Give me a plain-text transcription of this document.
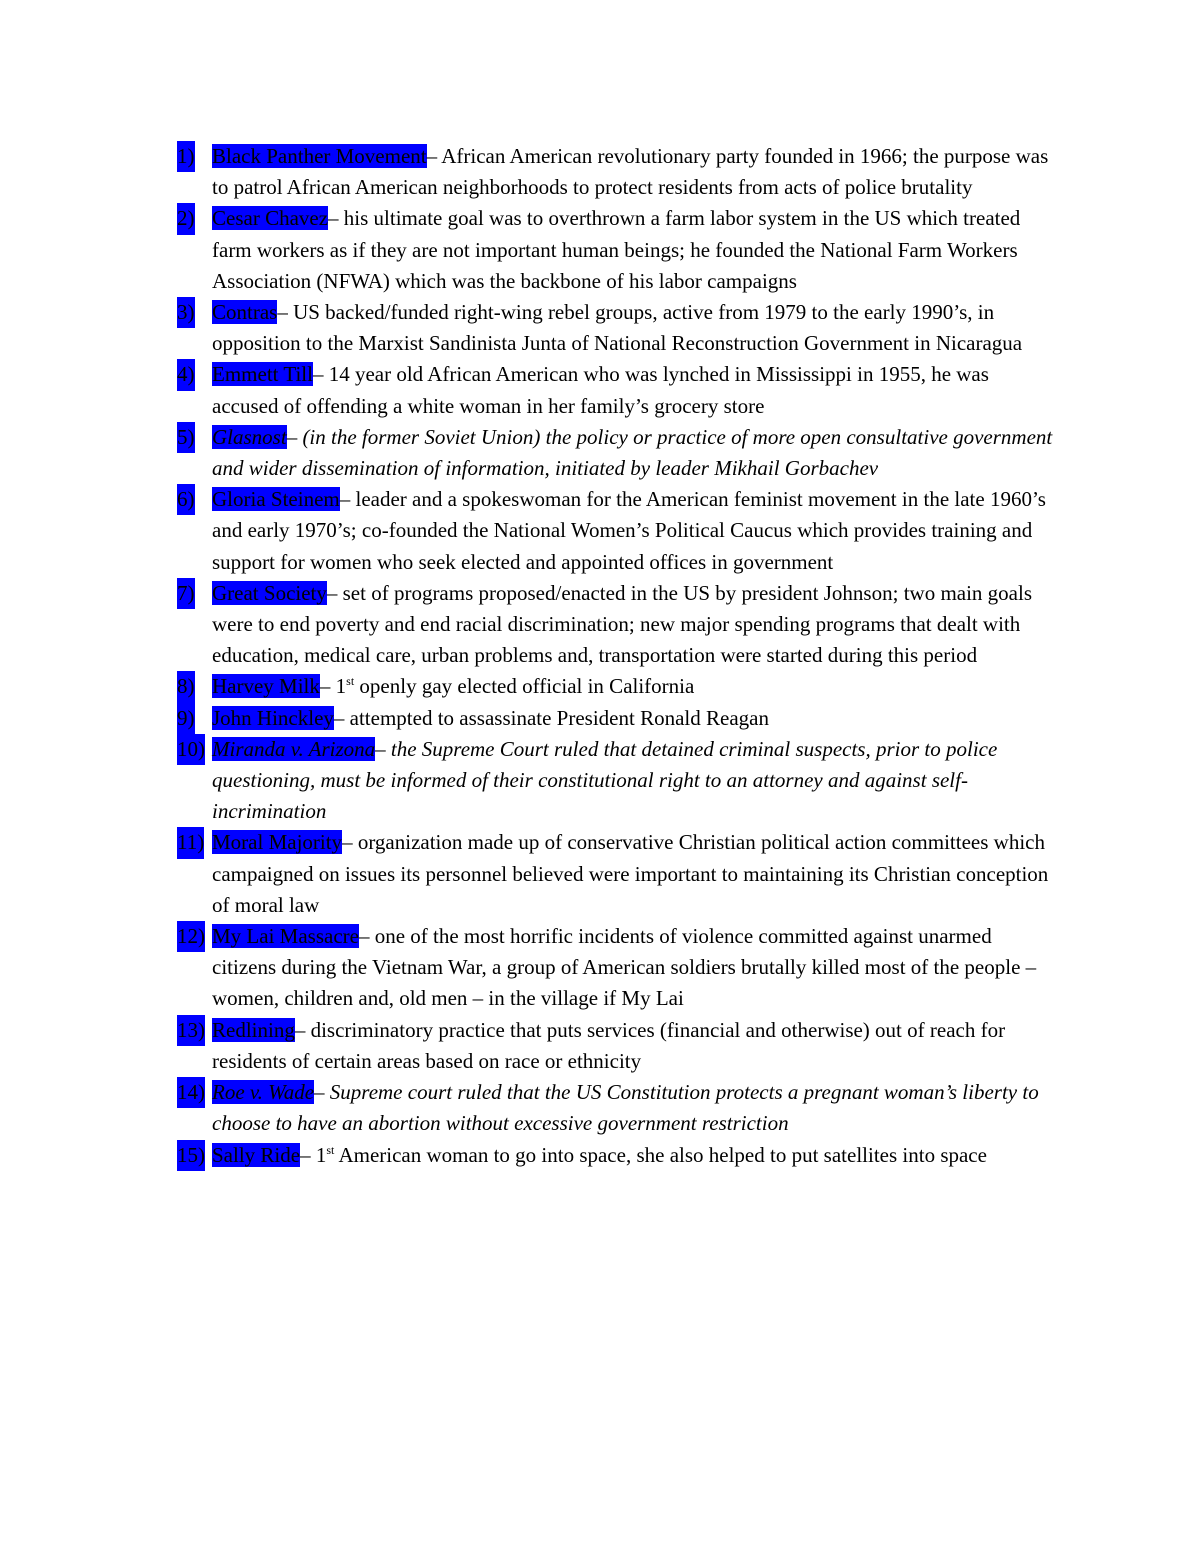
1) Black Panther Movement– African American revolutionary party founded in 1966; the purpose was to patrol African American neighborhoods to protect residents from acts of police brutality
2) Cesar Chavez– his ultimate goal was to overthrown a farm labor system in the US which treated farm workers as if they are not important human beings; he founded the National Farm Workers Association (NFWA) which was the backbone of his labor campaigns
3) Contras– US backed/funded right-wing rebel groups, active from 1979 to the early 1990’s, in opposition to the Marxist Sandinista Junta of National Reconstruction Government in Nicaragua
4) Emmett Till– 14 year old African American who was lynched in Mississippi in 1955, he was accused of offending a white woman in her family’s grocery store
5) Glasnost– (in the former Soviet Union) the policy or practice of more open consultative government and wider dissemination of information, initiated by leader Mikhail Gorbachev
6) Gloria Steinem– leader and a spokeswoman for the American feminist movement in the late 1960’s and early 1970’s; co-founded the National Women’s Political Caucus which provides training and support for women who seek elected and appointed offices in government
7) Great Society– set of programs proposed/enacted in the US by president Johnson; two main goals were to end poverty and end racial discrimination; new major spending programs that dealt with education, medical care, urban problems and, transportation were started during this period
8) Harvey Milk– 1st openly gay elected official in California
9) John Hinckley– attempted to assassinate President Ronald Reagan
10) Miranda v. Arizona– the Supreme Court ruled that detained criminal suspects, prior to police questioning, must be informed of their constitutional right to an attorney and against self-incrimination
11) Moral Majority– organization made up of conservative Christian political action committees which campaigned on issues its personnel believed were important to maintaining its Christian conception of moral law
12) My Lai Massacre– one of the most horrific incidents of violence committed against unarmed citizens during the Vietnam War, a group of American soldiers brutally killed most of the people – women, children and, old men – in the village if My Lai
13) Redlining– discriminatory practice that puts services (financial and otherwise) out of reach for residents of certain areas based on race or ethnicity
14) Roe v. Wade– Supreme court ruled that the US Constitution protects a pregnant woman’s liberty to choose to have an abortion without excessive government restriction
15) Sally Ride– 1st American woman to go into space, she also helped to put satellites into space
